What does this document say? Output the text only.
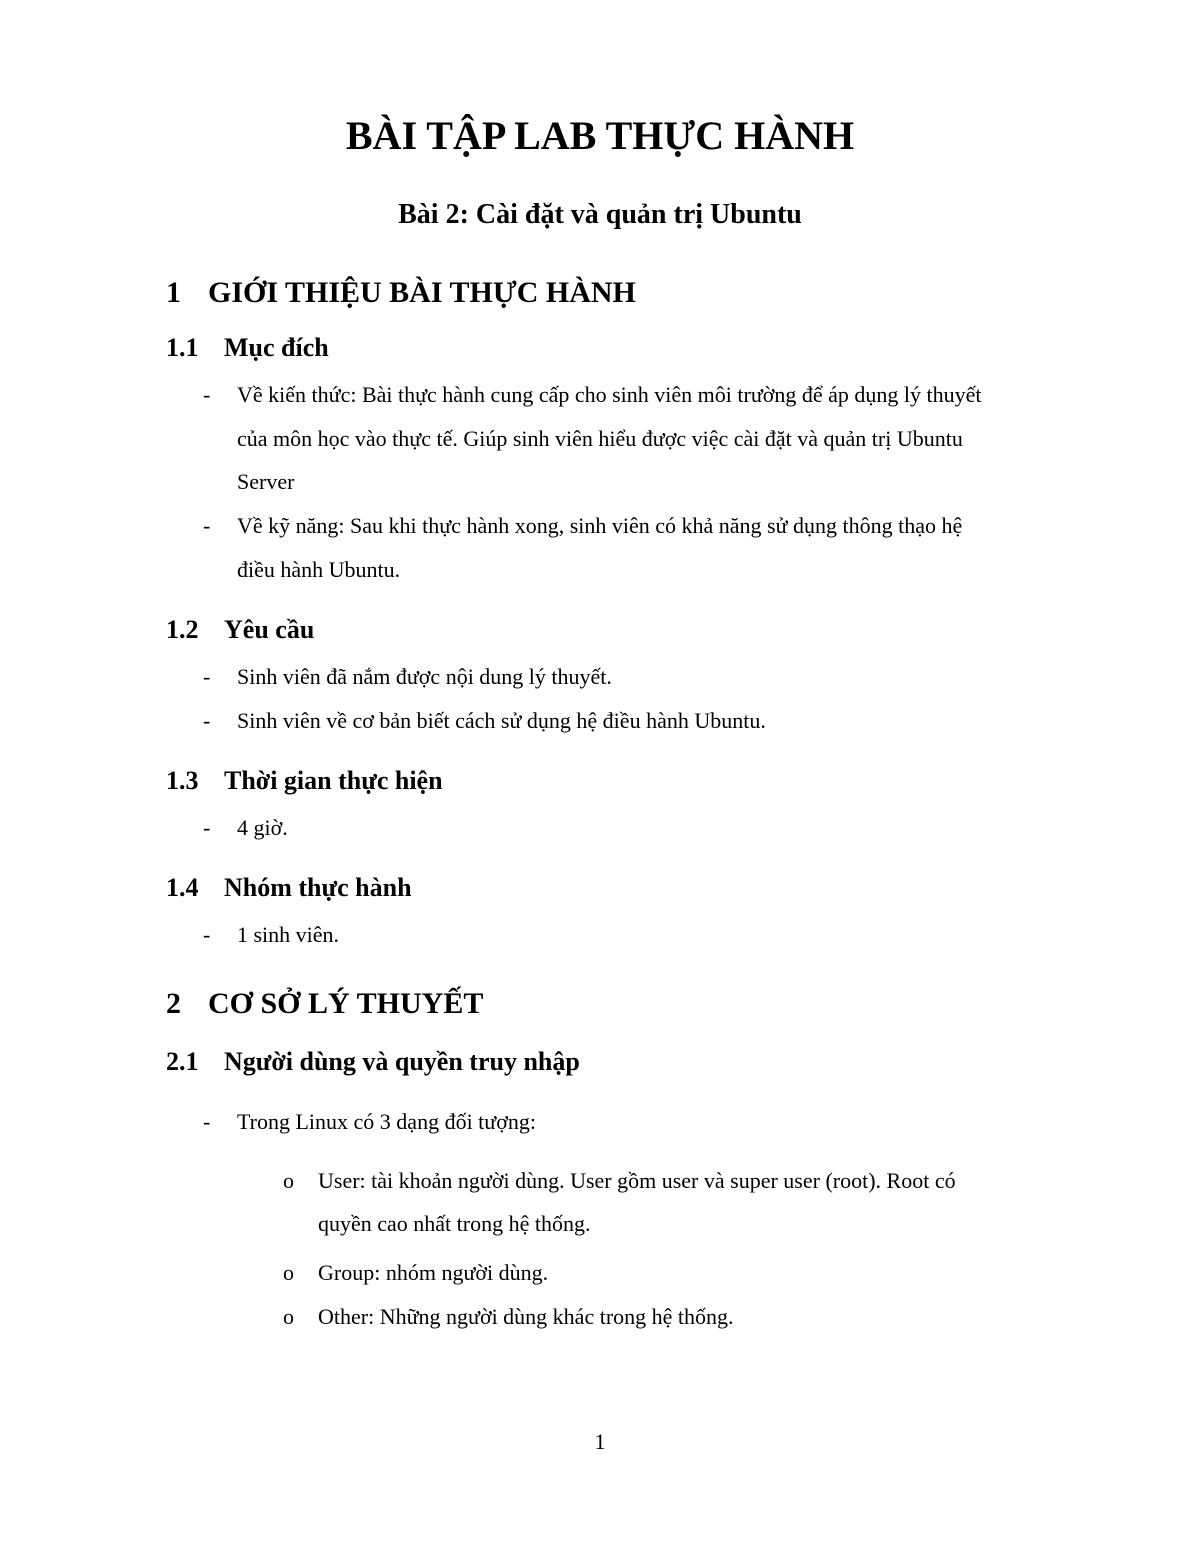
BÀI TẬP LAB THỰC HÀNH
Bài 2: Cài đặt và quản trị Ubuntu
1 GIỚI THIỆU BÀI THỰC HÀNH
1.1 Mục đích
- Về kiến thức: Bài thực hành cung cấp cho sinh viên môi trường để áp dụng lý thuyết
của môn học vào thực tế. Giúp sinh viên hiểu được việc cài đặt và quản trị Ubuntu
Server
- Về kỹ năng: Sau khi thực hành xong, sinh viên có khả năng sử dụng thông thạo hệ
điều hành Ubuntu.
1.2 Yêu cầu
- Sinh viên đã nắm được nội dung lý thuyết.
- Sinh viên về cơ bản biết cách sử dụng hệ điều hành Ubuntu.
1.3 Thời gian thực hiện
- 4 giờ.
1.4 Nhóm thực hành
- 1 sinh viên.
2 CƠ SỞ LÝ THUYẾT
2.1 Người dùng và quyền truy nhập
- Trong Linux có 3 dạng đối tượng:
o User: tài khoản người dùng. User gồm user và super user (root). Root có
quyền cao nhất trong hệ thống.
o Group: nhóm người dùng.
o Other: Những người dùng khác trong hệ thống.
1
